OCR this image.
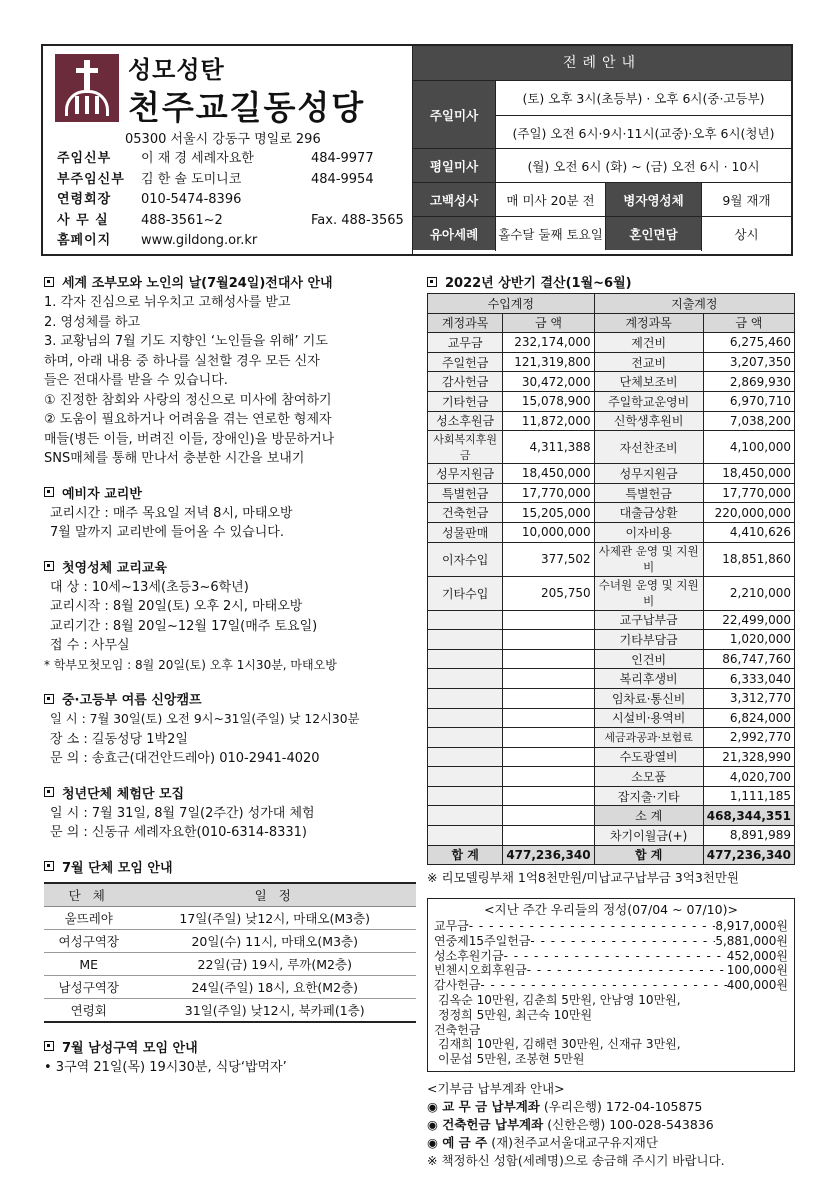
성모성탄
천주교길동성당
05300 서울시 강동구 명일로 296
주임신부	이 재 경 세례자요한	484-9977
부주임신부	김 한 솔 도미니코	484-9954
연령회장	010-5474-8396
사 무 실	488-3561~2	Fax. 488-3565
홈페이지	www.gildong.or.kr
전례안내
주일미사
(토) 오후 3시(초등부) · 오후 6시(중·고등부)
(주일) 오전 6시·9시·11시(교중)·오후 6시(청년)
평일미사	(월) 오전 6시 (화) ~ (금) 오전 6시 · 10시
고백성사	매 미사 20분 전	병자영성체	9월 재개
유아세례	홀수달 둘째 토요일	혼인면담	상시
세계 조부모와 노인의 날(7월24일)전대사 안내
1. 각자 진심으로 뉘우치고 고해성사를 받고
2. 영성체를 하고
3. 교황님의 7월 기도 지향인 ‘노인들을 위해’ 기도
하며, 아래 내용 중 하나를 실천할 경우 모든 신자
들은 전대사를 받을 수 있습니다.
① 진정한 참회와 사랑의 정신으로 미사에 참여하기
② 도움이 필요하거나 어려움을 겪는 연로한 형제자
매들(병든 이들, 버려진 이들, 장애인)을 방문하거나
SNS매체를 통해 만나서 충분한 시간을 보내기
예비자 교리반
교리시간 : 매주 목요일 저녁 8시, 마태오방
7월 말까지 교리반에 들어올 수 있습니다.
첫영성체 교리교육
대 상 : 10세~13세(초등3~6학년)
교리시작 : 8월 20일(토) 오후 2시, 마태오방
교리기간 : 8월 20일~12월 17일(매주 토요일)
접 수 : 사무실
* 학부모첫모임 : 8월 20일(토) 오후 1시30분, 마태오방
중·고등부 여름 신앙캠프
일 시 : 7월 30일(토) 오전 9시~31일(주일) 낮 12시30분
장 소 : 길동성당 1박2일
문 의 : 송효근(대건안드레아) 010-2941-4020
청년단체 체험단 모집
일 시 : 7월 31일, 8월 7일(2주간) 성가대 체험
문 의 : 신동규 세례자요한(010-6314-8331)
7월 단체 모임 안내
단 체	일 정
울뜨레야	17일(주일) 낮12시, 마태오(M3층)
여성구역장	20일(수) 11시, 마태오(M3층)
ME	22일(금) 19시, 루까(M2층)
남성구역장	24일(주일) 18시, 요한(M2층)
연령회	31일(주일) 낮12시, 북카페(1층)
7월 남성구역 모임 안내
• 3구역 21일(목) 19시30분, 식당‘밥먹자’
2022년 상반기 결산(1월~6월)
수입계정		지출계정	
계정과목	금 액	계정과목	금 액
교무금	232,174,000	제건비	6,275,460
주일헌금	121,319,800	전교비	3,207,350
감사헌금	30,472,000	단체보조비	2,869,930
기타헌금	15,078,900	주일학교운영비	6,970,710
성소후원금	11,872,000	신학생후원비	7,038,200
사회복지후원금	4,311,388	자선찬조비	4,100,000
성무지원금	18,450,000	성무지원금	18,450,000
특별헌금	17,770,000	특별헌금	17,770,000
건축헌금	15,205,000	대출금상환	220,000,000
성물판매	10,000,000	이자비용	4,410,626
이자수입	377,502	사제관 운영 및 지원비	18,851,860
기타수입	205,750	수녀원 운영 및 지원비	2,210,000
		교구납부금	22,499,000
		기타부담금	1,020,000
		인건비	86,747,760
		복리후생비	6,333,040
		임차료·통신비	3,312,770
		시설비·용역비	6,824,000
		세금과공과·보험료	2,992,770
		수도광열비	21,328,990
		소모품	4,020,700
		잡지출·기타	1,111,185
		소 계	468,344,351
		차기이월금(+)	8,891,989
합 계	477,236,340	합 계	477,236,340
※ 리모델링부채 1억8천만원/미납교구납부금 3억3천만원
<지난 주간 우리들의 정성(07/04 ~ 07/10)>
교무금 - - -	8,917,000원
연중제15주일헌금 - - -	5,881,000원
성소후원기금 - - -	452,000원
빈첸시오회후원금 - - -	100,000원
감사헌금 - - -	400,000원
김옥순 10만원, 김춘희 5만원, 안남영 10만원,
정정희 5만원, 최근숙 10만원
건축헌금
김재희 10만원, 김해련 30만원, 신재규 3만원,
이문섭 5만원, 조봉현 5만원
<기부금 납부계좌 안내>
◉ 교 무 금 납부계좌 (우리은행) 172-04-105875
◉ 건축헌금 납부계좌 (신한은행) 100-028-543836
◉ 예 금 주 (재)천주교서울대교구유지재단
※ 책정하신 성함(세례명)으로 송금해 주시기 바랍니다.
